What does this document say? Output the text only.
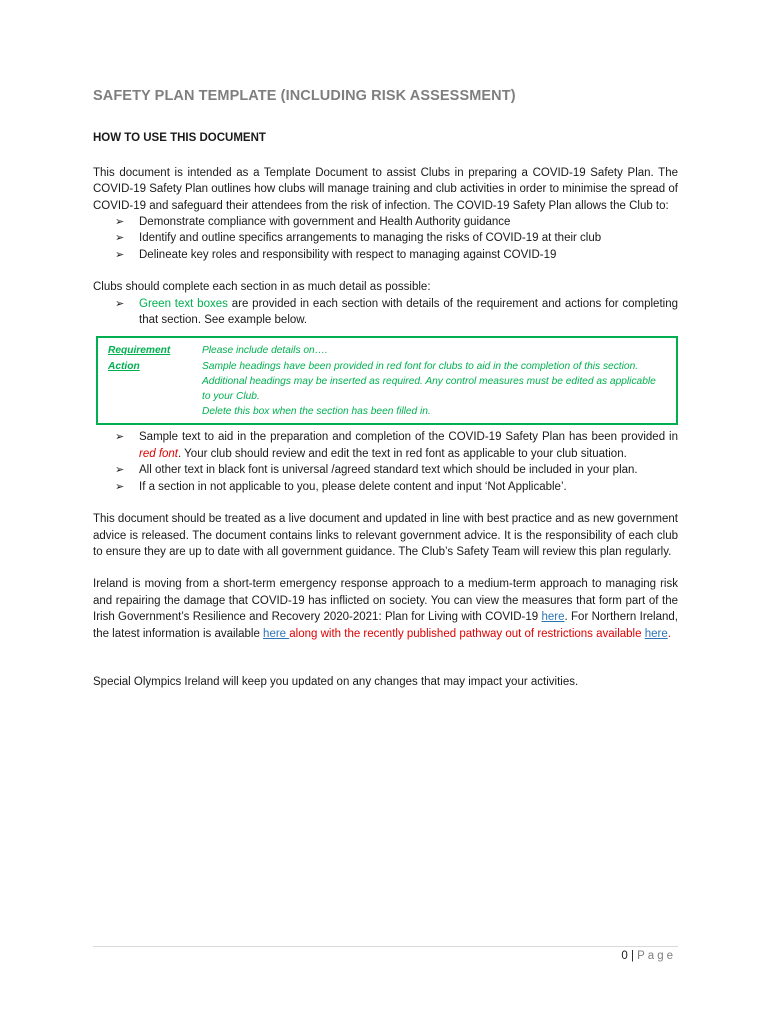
SAFETY PLAN TEMPLATE (INCLUDING RISK ASSESSMENT)
HOW TO USE THIS DOCUMENT

This document is intended as a Template Document to assist Clubs in preparing a COVID-19 Safety Plan. The COVID-19 Safety Plan outlines how clubs will manage training and club activities in order to minimise the spread of COVID-19 and safeguard their attendees from the risk of infection. The COVID-19 Safety Plan allows the Club to:

➢ Demonstrate compliance with government and Health Authority guidance
➢ Identify and outline specifics arrangements to managing the risks of COVID-19 at their club
➢ Delineate key roles and responsibility with respect to managing against COVID-19

Clubs should complete each section in as much detail as possible:

➢ Green text boxes are provided in each section with details of the requirement and actions for completing that section. See example below.
Requirement
Action
Please include details on….
Sample headings have been provided in red font for clubs to aid in the completion of this section. Additional headings may be inserted as required. Any control measures must be edited as applicable to your Club.
Delete this box when the section has been filled in.
➢ Sample text to aid in the preparation and completion of the COVID-19 Safety Plan has been provided in red font. Your club should review and edit the text in red font as applicable to your club situation.
➢ All other text in black font is universal /agreed standard text which should be included in your plan.
➢ If a section in not applicable to you, please delete content and input ‘Not Applicable’.

This document should be treated as a live document and updated in line with best practice and as new government advice is released. The document contains links to relevant government advice. It is the responsibility of each club to ensure they are up to date with all government guidance. The Club’s Safety Team will review this plan regularly.

Ireland is moving from a short-term emergency response approach to a medium-term approach to managing risk and repairing the damage that COVID-19 has inflicted on society. You can view the measures that form part of the Irish Government’s Resilience and Recovery 2020-2021: Plan for Living with COVID-19 here. For Northern Ireland, the latest information is available here along with the recently published pathway out of restrictions available here.

Special Olympics Ireland will keep you updated on any changes that may impact your activities.

0 | Page
